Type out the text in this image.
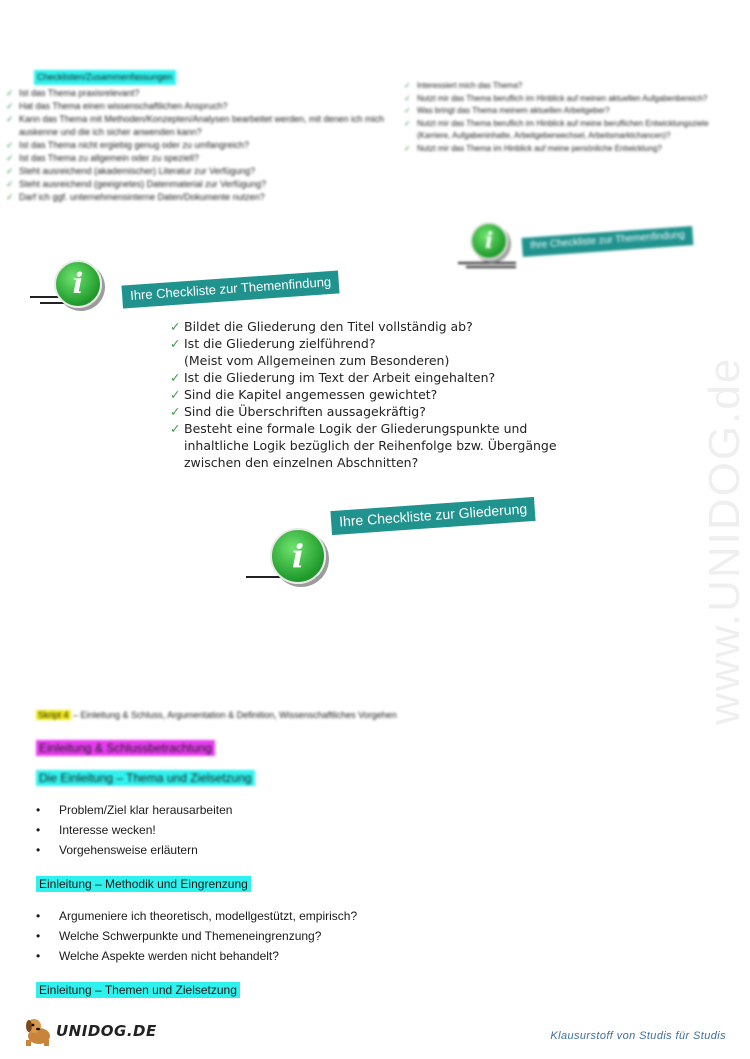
www.UNIDOG.de
Checklisten/Zusammenfassungen
✓ Ist das Thema praxisrelevant?
✓ Hat das Thema einen wissenschaftlichen Anspruch?
✓ Kann das Thema mit Methoden/Konzepten/Analysen bearbeitet werden, mit denen ich mich auskenne und die ich sicher anwenden kann?
✓ Ist das Thema nicht ergiebig genug oder zu umfangreich?
✓ Ist das Thema zu allgemein oder zu speziell?
✓ Steht ausreichend (akademischer) Literatur zur Verfügung?
✓ Steht ausreichend (geeignetes) Datenmaterial zur Verfügung?
✓ Darf ich ggf. unternehmensinterne Daten/Dokumente nutzen?
✓ Interessiert mich das Thema?
✓ Nutzt mir das Thema beruflich im Hinblick auf meinen aktuellen Aufgabenbereich?
✓ Was bringt das Thema meinem aktuellen Arbeitgeber?
✓ Nutzt mir das Thema beruflich im Hinblick auf meine beruflichen Entwicklungsziele (Karriere, Aufgabeninhalte, Arbeitgeberwechsel, Arbeitsmarktchancen)?
✓ Nutzt mir das Thema im Hinblick auf meine persönliche Entwicklung?
i	Ihre Checkliste zur Themenfindung
i	Ihre Checkliste zur Themenfindung
✓ Bildet die Gliederung den Titel vollständig ab?
✓ Ist die Gliederung zielführend?
(Meist vom Allgemeinen zum Besonderen)
✓ Ist die Gliederung im Text der Arbeit eingehalten?
✓ Sind die Kapitel angemessen gewichtet?
✓ Sind die Überschriften aussagekräftig?
✓ Besteht eine formale Logik der Gliederungspunkte und inhaltliche Logik bezüglich der Reihenfolge bzw. Übergänge zwischen den einzelnen Abschnitten?
i
Ihre Checkliste zur Gliederung
Skript 4 – Einleitung & Schluss, Argumentation & Definition, Wissenschaftliches Vorgehen
Einleitung & Schlussbetrachtung
Die Einleitung – Thema und Zielsetzung
• Problem/Ziel klar herausarbeiten
• Interesse wecken!
• Vorgehensweise erläutern
Einleitung – Methodik und Eingrenzung
• Argumeniere ich theoretisch, modellgestützt, empirisch?
• Welche Schwerpunkte und Themeneingrenzung?
• Welche Aspekte werden nicht behandelt?
Einleitung – Themen und Zielsetzung
UNIDOG.DE	Klausurstoff von Studis für Studis
